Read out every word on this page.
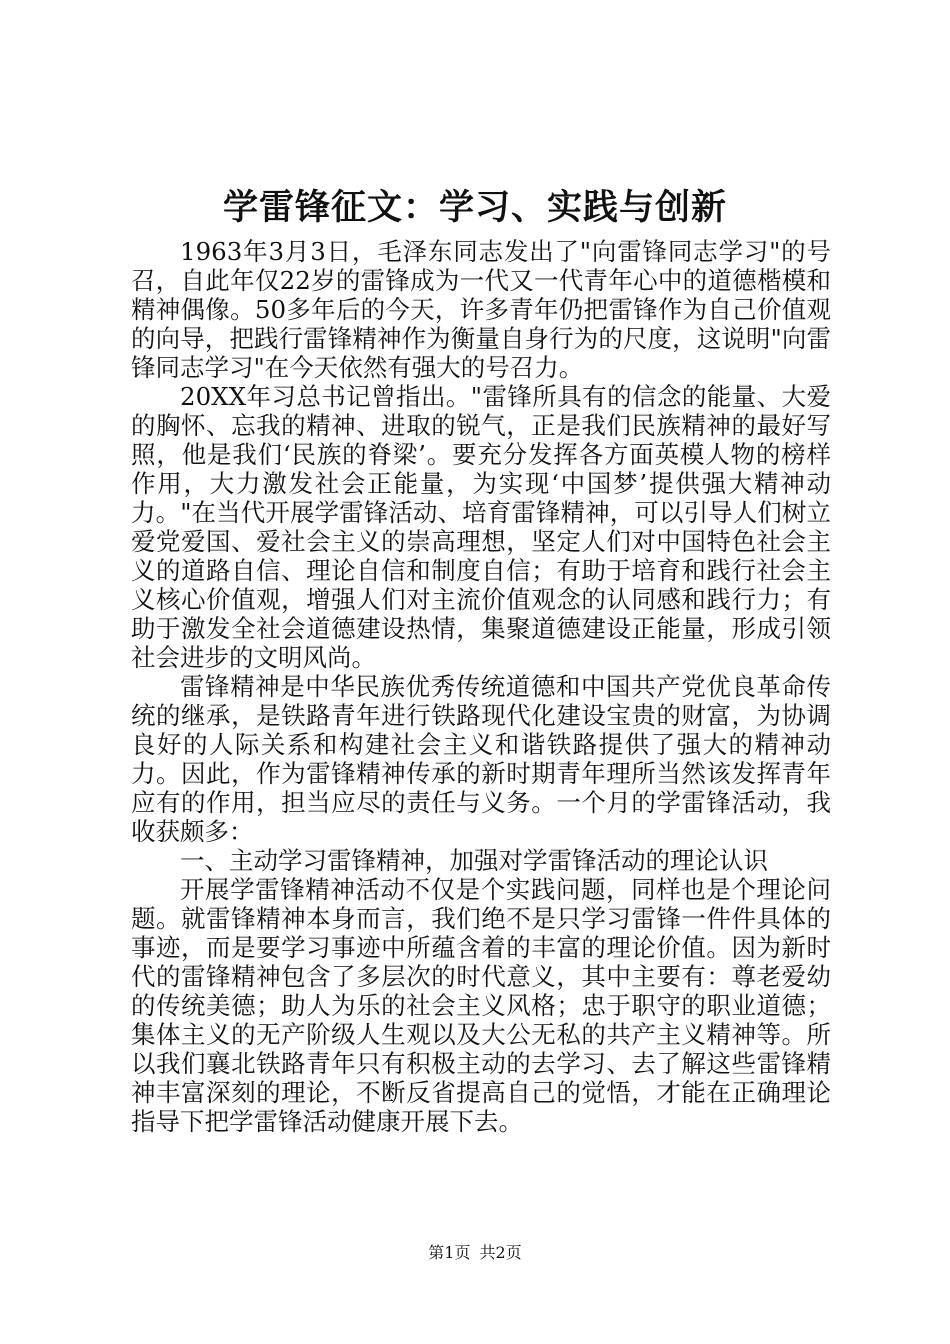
学雷锋征文：学习、实践与创新

1963年3月3日，毛泽东同志发出了"向雷锋同志学习"的号召，自此年仅22岁的雷锋成为一代又一代青年心中的道德楷模和精神偶像。50多年后的今天，许多青年仍把雷锋作为自己价值观的向导，把践行雷锋精神作为衡量自身行为的尺度，这说明"向雷锋同志学习"在今天依然有强大的号召力。

20XX年习总书记曾指出。"雷锋所具有的信念的能量、大爱的胸怀、忘我的精神、进取的锐气，正是我们民族精神的最好写照，他是我们‘民族的脊梁’。要充分发挥各方面英模人物的榜样作用，大力激发社会正能量，为实现‘中国梦’提供强大精神动力。"在当代开展学雷锋活动、培育雷锋精神，可以引导人们树立爱党爱国、爱社会主义的崇高理想，坚定人们对中国特色社会主义的道路自信、理论自信和制度自信；有助于培育和践行社会主义核心价值观，增强人们对主流价值观念的认同感和践行力；有助于激发全社会道德建设热情，集聚道德建设正能量，形成引领社会进步的文明风尚。

雷锋精神是中华民族优秀传统道德和中国共产党优良革命传统的继承，是铁路青年进行铁路现代化建设宝贵的财富，为协调良好的人际关系和构建社会主义和谐铁路提供了强大的精神动力。因此，作为雷锋精神传承的新时期青年理所当然该发挥青年应有的作用，担当应尽的责任与义务。一个月的学雷锋活动，我收获颇多：

一、主动学习雷锋精神，加强对学雷锋活动的理论认识

开展学雷锋精神活动不仅是个实践问题，同样也是个理论问题。就雷锋精神本身而言，我们绝不是只学习雷锋一件件具体的事迹，而是要学习事迹中所蕴含着的丰富的理论价值。因为新时代的雷锋精神包含了多层次的时代意义，其中主要有：尊老爱幼的传统美德；助人为乐的社会主义风格；忠于职守的职业道德；集体主义的无产阶级人生观以及大公无私的共产主义精神等。所以我们襄北铁路青年只有积极主动的去学习、去了解这些雷锋精神丰富深刻的理论，不断反省提高自己的觉悟，才能在正确理论指导下把学雷锋活动健康开展下去。

第1页 共2页
